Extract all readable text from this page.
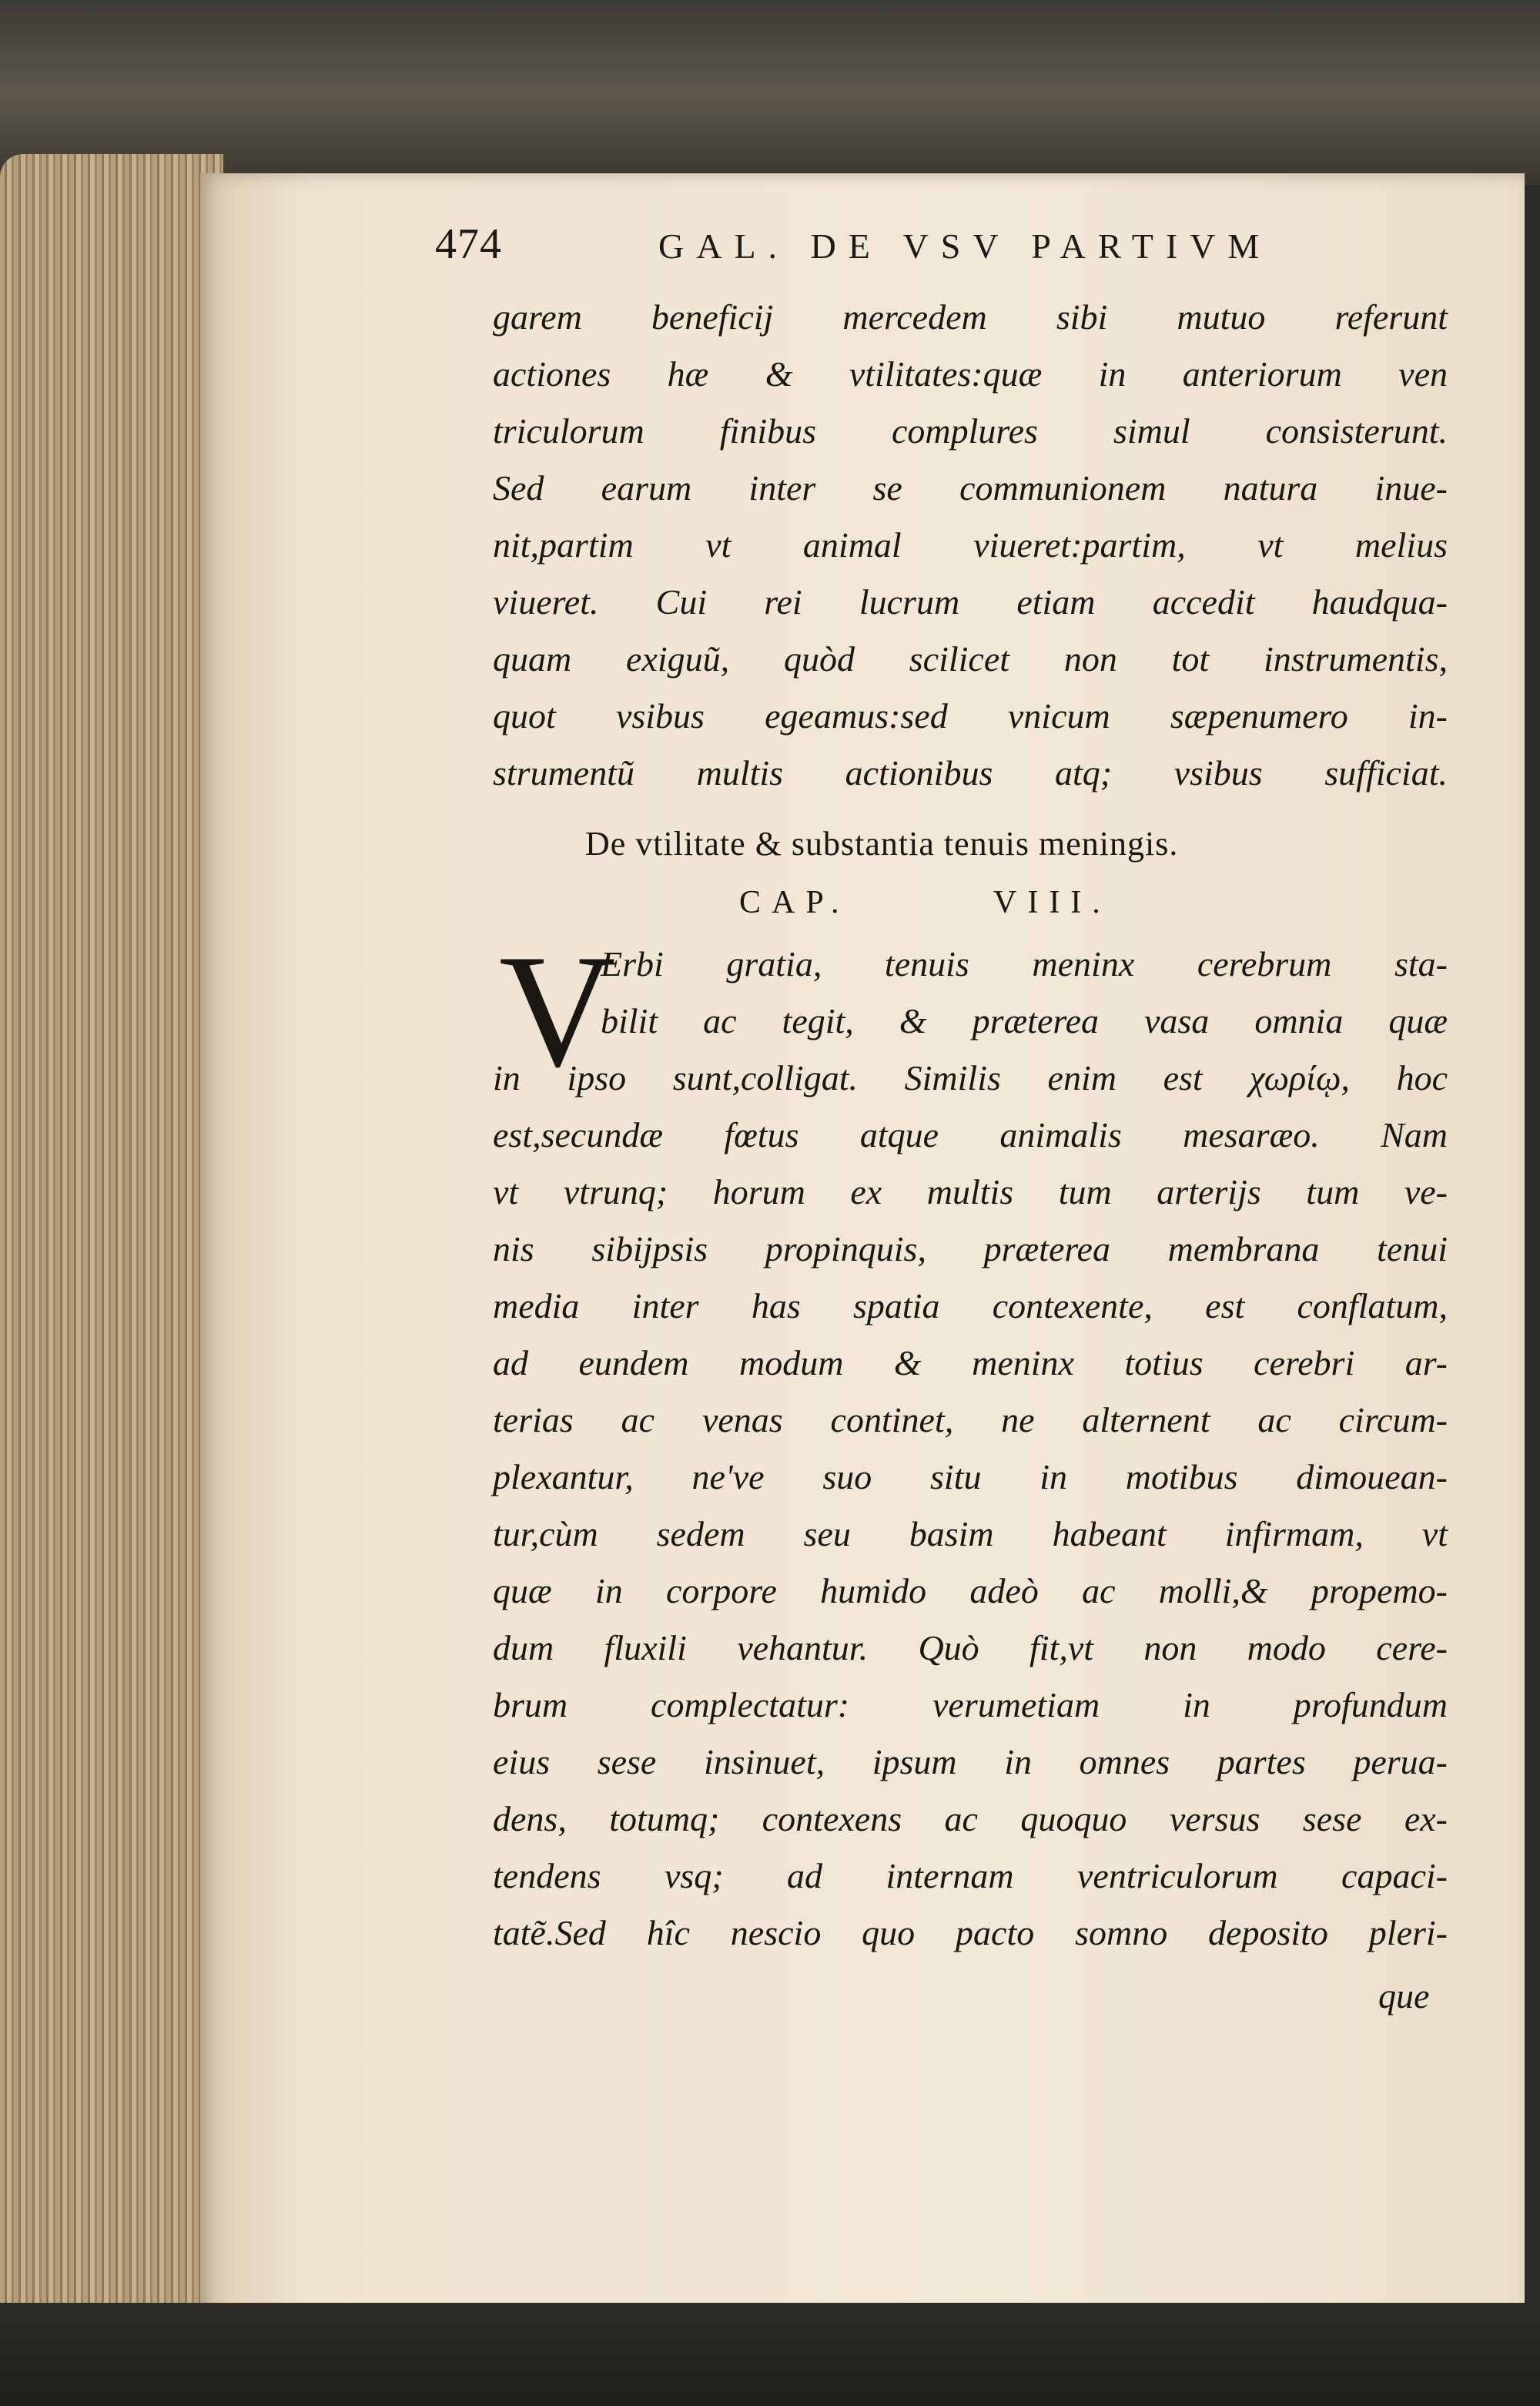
474	GAL. DE VSV PARTIVM
garem beneficij mercedem sibi mutuo referunt
actiones hæ & vtilitates:quæ in anteriorum ven
triculorum finibus complures simul consisterunt.
Sed earum inter se communionem natura inue-
nit,partim vt animal viueret:partim, vt melius
viueret. Cui rei lucrum etiam accedit haudqua-
quam exiguũ, quòd scilicet non tot instrumentis,
quot vsibus egeamus:sed vnicum sæpenumero in-
strumentũ multis actionibus atq; vsibus sufficiat.
De vtilitate & substantia tenuis meningis.
CAP.	VIII.
V
Erbi gratia, tenuis meninx cerebrum sta-
bilit ac tegit, & præterea vasa omnia quæ
in ipso sunt,colligat. Similis enim est χωρίῳ, hoc
est,secundæ fœtus atque animalis mesaræo. Nam
vt vtrunq; horum ex multis tum arterijs tum ve-
nis sibijpsis propinquis, præterea membrana tenui
media inter has spatia contexente, est conflatum,
ad eundem modum & meninx totius cerebri ar-
terias ac venas continet, ne alternent ac circum-
plexantur, ne've suo situ in motibus dimouean-
tur,cùm sedem seu basim habeant infirmam, vt
quæ in corpore humido adeò ac molli,& propemo-
dum fluxili vehantur. Quò fit,vt non modo cere-
brum complectatur: verumetiam in profundum
eius sese insinuet, ipsum in omnes partes perua-
dens, totumq; contexens ac quoquo versus sese ex-
tendens vsq; ad internam ventriculorum capaci-
tatẽ.Sed hîc nescio quo pacto somno deposito pleri-
que
